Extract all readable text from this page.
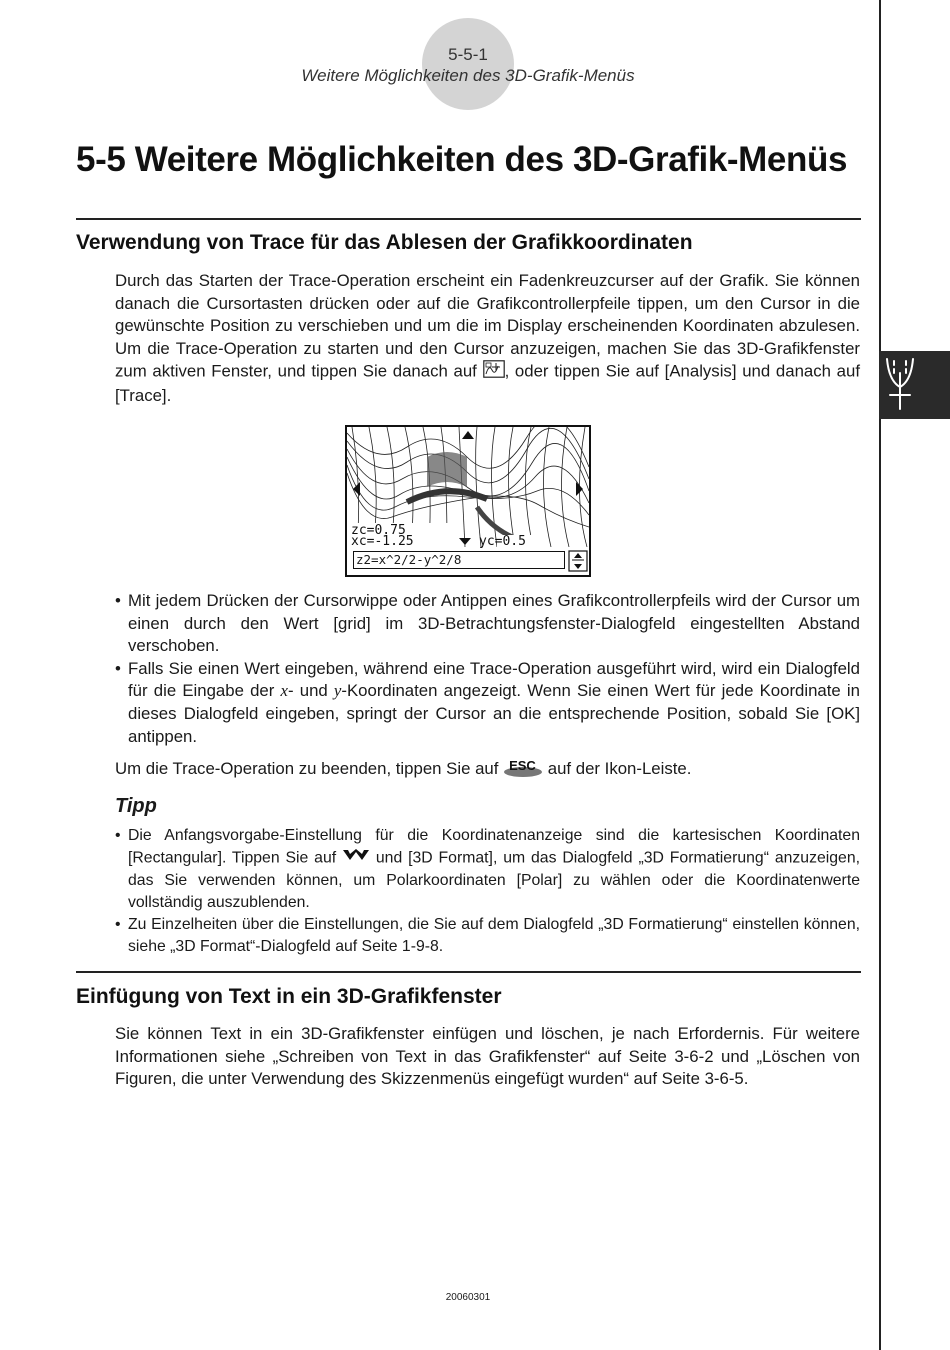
5-5-1
Weitere Möglichkeiten des 3D-Grafik-Menüs
5-5 Weitere Möglichkeiten des 3D-Grafik-Menüs
Verwendung von Trace für das Ablesen der Grafikkoordinaten

Durch das Starten der Trace-Operation erscheint ein Fadenkreuzcurser auf der Grafik. Sie können danach die Cursortasten drücken oder auf die Grafikcontrollerpfeile tippen, um den Cursor in die gewünschte Position zu verschieben und um die im Display erscheinenden Koordinaten abzulesen. Um die Trace-Operation zu starten und den Cursor anzuzeigen, machen Sie das 3D-Grafikfenster zum aktiven Fenster, und tippen Sie danach auf , oder tippen Sie auf [Analysis] und danach auf [Trace].

zc=0.75
xc=-1.25	yc=0.5
z2=x^2/2-y^2/8
• Mit jedem Drücken der Cursorwippe oder Antippen eines Grafikcontrollerpfeils wird der Cursor um einen durch den Wert [grid] im 3D-Betrachtungsfenster-Dialogfeld eingestellten Abstand verschoben.
• Falls Sie einen Wert eingeben, während eine Trace-Operation ausgeführt wird, wird ein Dialogfeld für die Eingabe der x- und y-Koordinaten angezeigt. Wenn Sie einen Wert für jede Koordinate in dieses Dialogfeld eingeben, springt der Cursor an die entsprechende Position, sobald Sie [OK] antippen.

Um die Trace-Operation zu beenden, tippen Sie auf ESC auf der Ikon-Leiste.

Tipp
• Die Anfangsvorgabe-Einstellung für die Koordinatenanzeige sind die kartesischen Koordinaten [Rectangular]. Tippen Sie auf	und [3D Format], um das Dialogfeld „3D Formatierung“ anzuzeigen, das Sie verwenden können, um Polarkoordinaten [Polar] zu wählen oder die Koordinatenwerte vollständig auszublenden.
• Zu Einzelheiten über die Einstellungen, die Sie auf dem Dialogfeld „3D Formatierung“ einstellen können, siehe „3D Format“-Dialogfeld auf Seite 1-9-8.
Einfügung von Text in ein 3D-Grafikfenster

Sie können Text in ein 3D-Grafikfenster einfügen und löschen, je nach Erfordernis. Für weitere Informationen siehe „Schreiben von Text in das Grafikfenster“ auf Seite 3-6-2 und „Löschen von Figuren, die unter Verwendung des Skizzenmenüs eingefügt wurden“ auf Seite 3-6-5.

20060301
